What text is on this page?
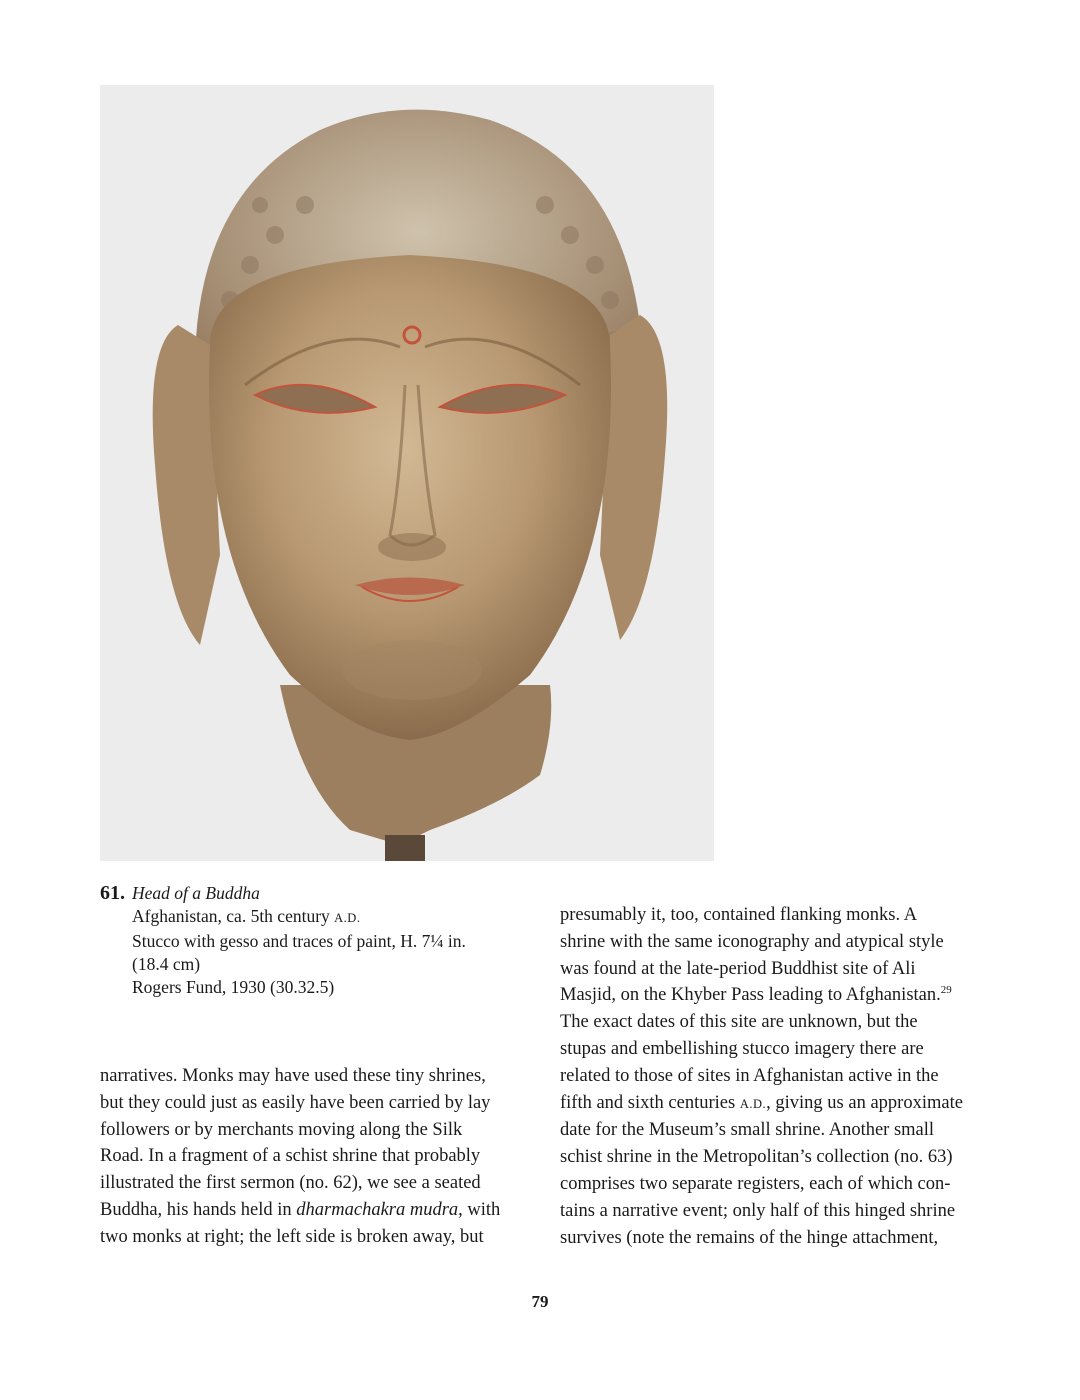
61. Head of a Buddha
Afghanistan, ca. 5th century A.D.
Stucco with gesso and traces of paint, H. 7¼ in.
(18.4 cm)
Rogers Fund, 1930 (30.32.5)

narratives. Monks may have used these tiny shrines,
but they could just as easily have been carried by lay
followers or by merchants moving along the Silk
Road. In a fragment of a schist shrine that probably
illustrated the first sermon (no. 62), we see a seated
Buddha, his hands held in dharmachakra mudra, with
two monks at right; the left side is broken away, but

presumably it, too, contained flanking monks. A
shrine with the same iconography and atypical style
was found at the late-period Buddhist site of Ali
Masjid, on the Khyber Pass leading to Afghanistan.$^{29}$
The exact dates of this site are unknown, but the
stupas and embellishing stucco imagery there are
related to those of sites in Afghanistan active in the
fifth and sixth centuries A.D., giving us an approximate
date for the Museum’s small shrine. Another small
schist shrine in the Metropolitan’s collection (no. 63)
comprises two separate registers, each of which con-
tains a narrative event; only half of this hinged shrine
survives (note the remains of the hinge attachment,

79
